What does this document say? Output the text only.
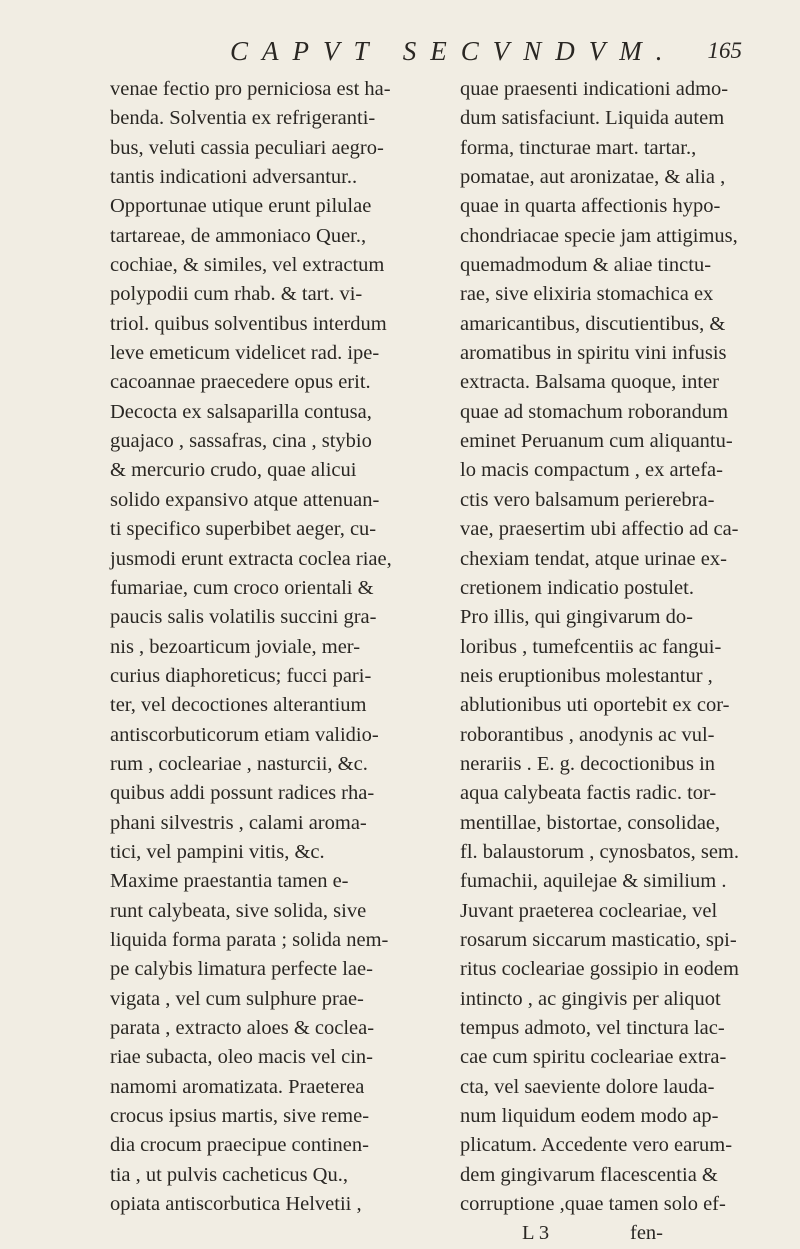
CAPVT SECVNDVM. 165
venae fectio pro perniciosa est ha-
benda. Solventia ex refrigeranti-
bus, veluti cassia peculiari aegro-
tantis indicationi adversantur..
Opportunae utique erunt pilulae
tartareae, de ammoniaco Quer.,
cochiae, & similes, vel extractum
polypodii cum rhab. & tart. vi-
triol. quibus solventibus interdum
leve emeticum videlicet rad. ipe-
cacoannae praecedere opus erit.
Decocta ex salsaparilla contusa,
guajaco , sassafras, cina , stybio
& mercurio crudo, quae alicui
solido expansivo atque attenuan-
ti specifico superbibet aeger, cu-
jusmodi erunt extracta coclea riae,
fumariae, cum croco orientali &
paucis salis volatilis succini gra-
nis , bezoarticum joviale, mer-
curius diaphoreticus; fucci pari-
ter, vel decoctiones alterantium
antiscorbuticorum etiam validio-
rum , cocleariae , nasturcii, &c.
quibus addi possunt radices rha-
phani silvestris , calami aroma-
tici, vel pampini vitis, &c.
Maxime praestantia tamen e-
runt calybeata, sive solida, sive
liquida forma parata ; solida nem-
pe calybis limatura perfecte lae-
vigata , vel cum sulphure prae-
parata , extracto aloes & coclea-
riae subacta, oleo macis vel cin-
namomi aromatizata. Praeterea
crocus ipsius martis, sive reme-
dia crocum praecipue continen-
tia , ut pulvis cacheticus Qu.,
opiata antiscorbutica Helvetii ,
quae praesenti indicationi admo-
dum satisfaciunt. Liquida autem
forma, tincturae mart. tartar.,
pomatae, aut aronizatae, & alia ,
quae in quarta affectionis hypo-
chondriacae specie jam attigimus,
quemadmodum & aliae tinctu-
rae, sive elixiria stomachica ex
amaricantibus, discutientibus, &
aromatibus in spiritu vini infusis
extracta. Balsama quoque, inter
quae ad stomachum roborandum
eminet Peruanum cum aliquantu-
lo macis compactum , ex artefa-
ctis vero balsamum perierebra-
vae, praesertim ubi affectio ad ca-
chexiam tendat, atque urinae ex-
cretionem indicatio postulet.
Pro illis, qui gingivarum do-
loribus , tumefcentiis ac fangui-
neis eruptionibus molestantur ,
ablutionibus uti oportebit ex cor-
roborantibus , anodynis ac vul-
nerariis . E. g. decoctionibus in
aqua calybeata factis radic. tor-
mentillae, bistortae, consolidae,
fl. balaustorum , cynosbatos, sem.
fumachii, aquilejae & similium .
Juvant praeterea cocleariae, vel
rosarum siccarum masticatio, spi-
ritus cocleariae gossipio in eodem
intincto , ac gingivis per aliquot
tempus admoto, vel tinctura lac-
cae cum spiritu cocleariae extra-
cta, vel saeviente dolore lauda-
num liquidum eodem modo ap-
plicatum. Accedente vero earum-
dem gingivarum flacescentia &
corruptione ,quae tamen solo ef-
L 3	fen-
